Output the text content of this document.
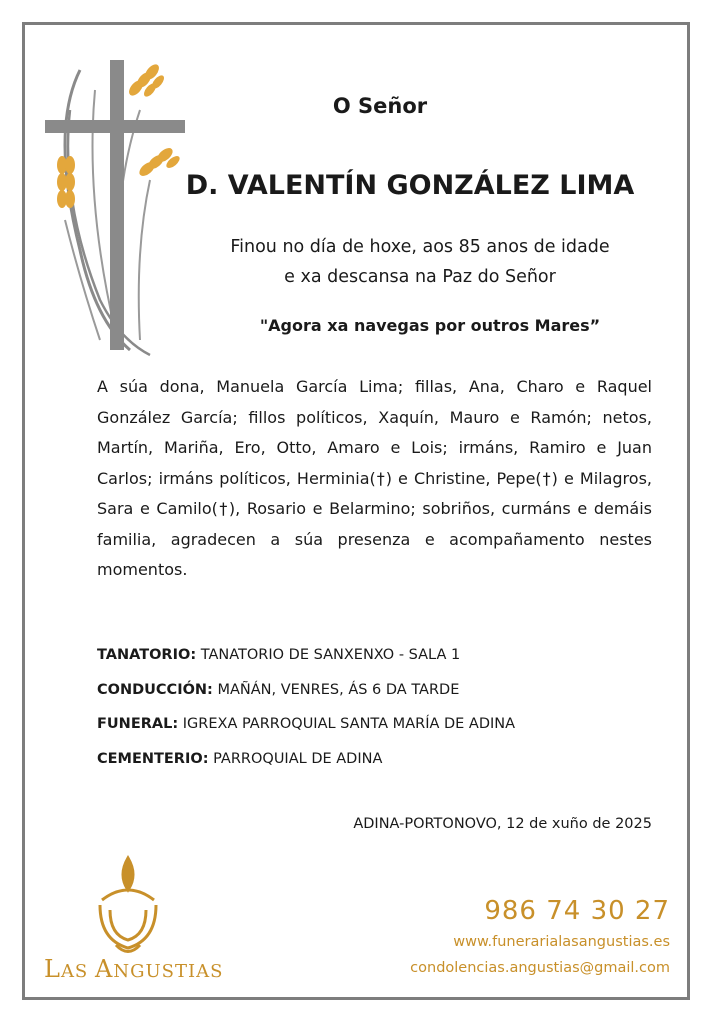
O Señor
D. VALENTÍN GONZÁLEZ LIMA
Finou no día de hoxe, aos 85 anos de idade
e xa descansa na Paz do Señor
"Agora xa navegas por outros Mares”
A súa dona, Manuela García Lima; fillas, Ana, Charo e Raquel González García; fillos políticos, Xaquín, Mauro e Ramón; netos, Martín, Mariña, Ero, Otto, Amaro e Lois; irmáns, Ramiro e Juan Carlos; irmáns políticos, Herminia(†) e Christine, Pepe(†) e Milagros, Sara e Camilo(†), Rosario e Belarmino; sobriños, curmáns e demáis familia, agradecen a súa presenza e acompañamento nestes momentos.
TANATORIO: TANATORIO DE SANXENXO - SALA 1
CONDUCCIÓN: MAÑÁN, VENRES, ÁS 6 DA TARDE
FUNERAL: IGREXA PARROQUIAL SANTA MARÍA DE ADINA
CEMENTERIO: PARROQUIAL DE ADINA
ADINA-PORTONOVO, 12 de xuño de 2025
LAS ANGUSTIAS
986 74 30 27
www.funerarialasangustias.es
condolencias.angustias@gmail.com
